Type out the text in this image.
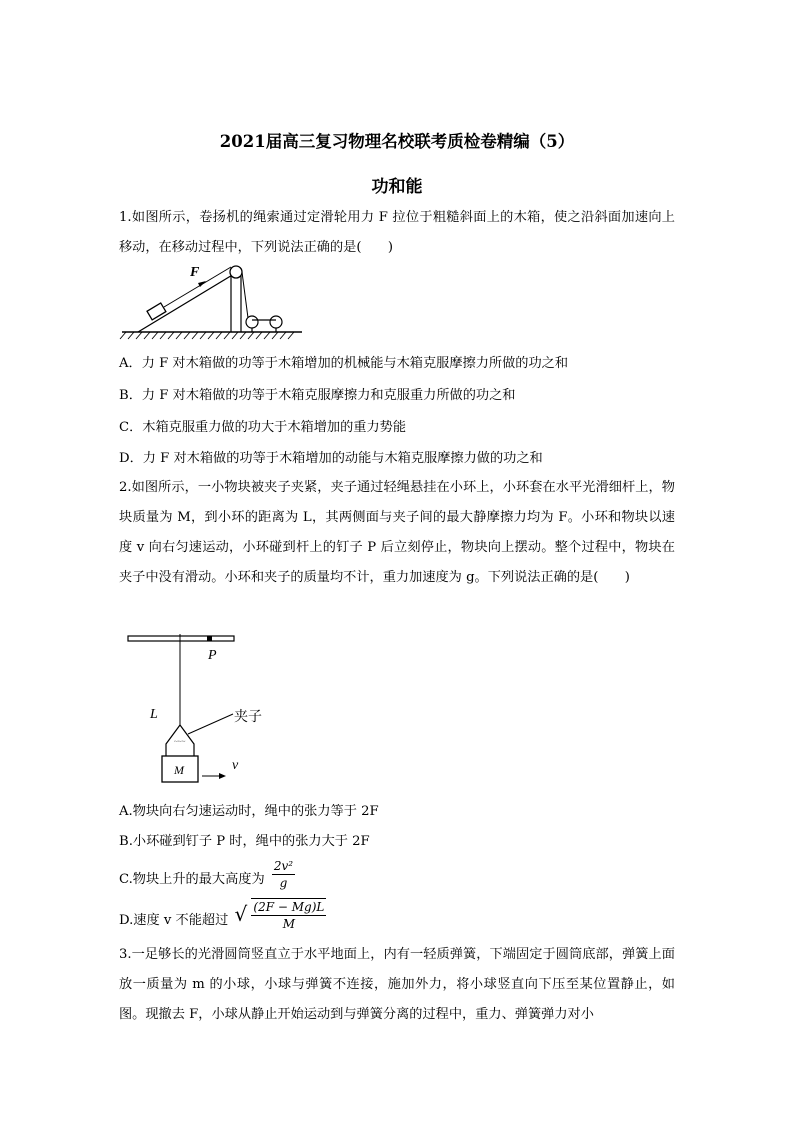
2021届高三复习物理名校联考质检卷精编（5）
功和能
1.如图所示，卷扬机的绳索通过定滑轮用力 F 拉位于粗糙斜面上的木箱，使之沿斜面加速向上移动，在移动过程中，下列说法正确的是(　　)
F
A．力 F 对木箱做的功等于木箱增加的机械能与木箱克服摩擦力所做的功之和
B．力 F 对木箱做的功等于木箱克服摩擦力和克服重力所做的功之和
C．木箱克服重力做的功大于木箱增加的重力势能
D．力 F 对木箱做的功等于木箱增加的动能与木箱克服摩擦力做的功之和
2.如图所示，一小物块被夹子夹紧，夹子通过轻绳悬挂在小环上，小环套在水平光滑细杆上，物块质量为 M，到小环的距离为 L，其两侧面与夹子间的最大静摩擦力均为 F。小环和物块以速度 v 向右匀速运动，小环碰到杆上的钉子 P 后立刻停止，物块向上摆动。整个过程中，物块在夹子中没有滑动。小环和夹子的质量均不计，重力加速度为 g。下列说法正确的是(　　)
~~~
P
L	夹子
M	v
A.物块向右匀速运动时，绳中的张力等于 2F
B.小环碰到钉子 P 时，绳中的张力大于 2F
C.物块上升的最大高度为 $\frac{\text{2v²}}{g}$
D.速度 v 不能超过 √ $\frac{(2F - Mg)L}{M}$
3.一足够长的光滑圆筒竖直立于水平地面上，内有一轻质弹簧，下端固定于圆筒底部，弹簧上面放一质量为 m 的小球，小球与弹簧不连接，施加外力，将小球竖直向下压至某位置静止，如图。现撤去 F，小球从静止开始运动到与弹簧分离的过程中，重力、弹簧弹力对小
